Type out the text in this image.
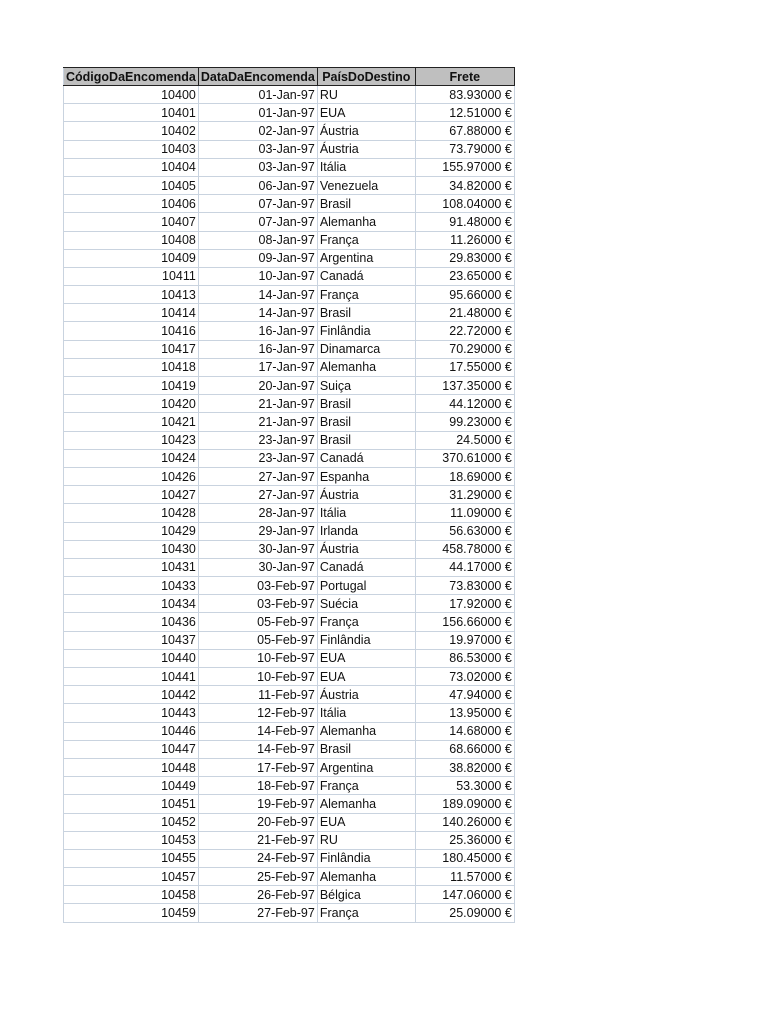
CódigoDaEncomenda	DataDaEncomenda	PaísDoDestino	Frete
10400	01-Jan-97	RU	83.93000 €
10401	01-Jan-97	EUA	12.51000 €
10402	02-Jan-97	Áustria	67.88000 €
10403	03-Jan-97	Áustria	73.79000 €
10404	03-Jan-97	Itália	155.97000 €
10405	06-Jan-97	Venezuela	34.82000 €
10406	07-Jan-97	Brasil	108.04000 €
10407	07-Jan-97	Alemanha	91.48000 €
10408	08-Jan-97	França	11.26000 €
10409	09-Jan-97	Argentina	29.83000 €
10411	10-Jan-97	Canadá	23.65000 €
10413	14-Jan-97	França	95.66000 €
10414	14-Jan-97	Brasil	21.48000 €
10416	16-Jan-97	Finlândia	22.72000 €
10417	16-Jan-97	Dinamarca	70.29000 €
10418	17-Jan-97	Alemanha	17.55000 €
10419	20-Jan-97	Suiça	137.35000 €
10420	21-Jan-97	Brasil	44.12000 €
10421	21-Jan-97	Brasil	99.23000 €
10423	23-Jan-97	Brasil	24.5000 €
10424	23-Jan-97	Canadá	370.61000 €
10426	27-Jan-97	Espanha	18.69000 €
10427	27-Jan-97	Áustria	31.29000 €
10428	28-Jan-97	Itália	11.09000 €
10429	29-Jan-97	Irlanda	56.63000 €
10430	30-Jan-97	Áustria	458.78000 €
10431	30-Jan-97	Canadá	44.17000 €
10433	03-Feb-97	Portugal	73.83000 €
10434	03-Feb-97	Suécia	17.92000 €
10436	05-Feb-97	França	156.66000 €
10437	05-Feb-97	Finlândia	19.97000 €
10440	10-Feb-97	EUA	86.53000 €
10441	10-Feb-97	EUA	73.02000 €
10442	11-Feb-97	Áustria	47.94000 €
10443	12-Feb-97	Itália	13.95000 €
10446	14-Feb-97	Alemanha	14.68000 €
10447	14-Feb-97	Brasil	68.66000 €
10448	17-Feb-97	Argentina	38.82000 €
10449	18-Feb-97	França	53.3000 €
10451	19-Feb-97	Alemanha	189.09000 €
10452	20-Feb-97	EUA	140.26000 €
10453	21-Feb-97	RU	25.36000 €
10455	24-Feb-97	Finlândia	180.45000 €
10457	25-Feb-97	Alemanha	11.57000 €
10458	26-Feb-97	Bélgica	147.06000 €
10459	27-Feb-97	França	25.09000 €
